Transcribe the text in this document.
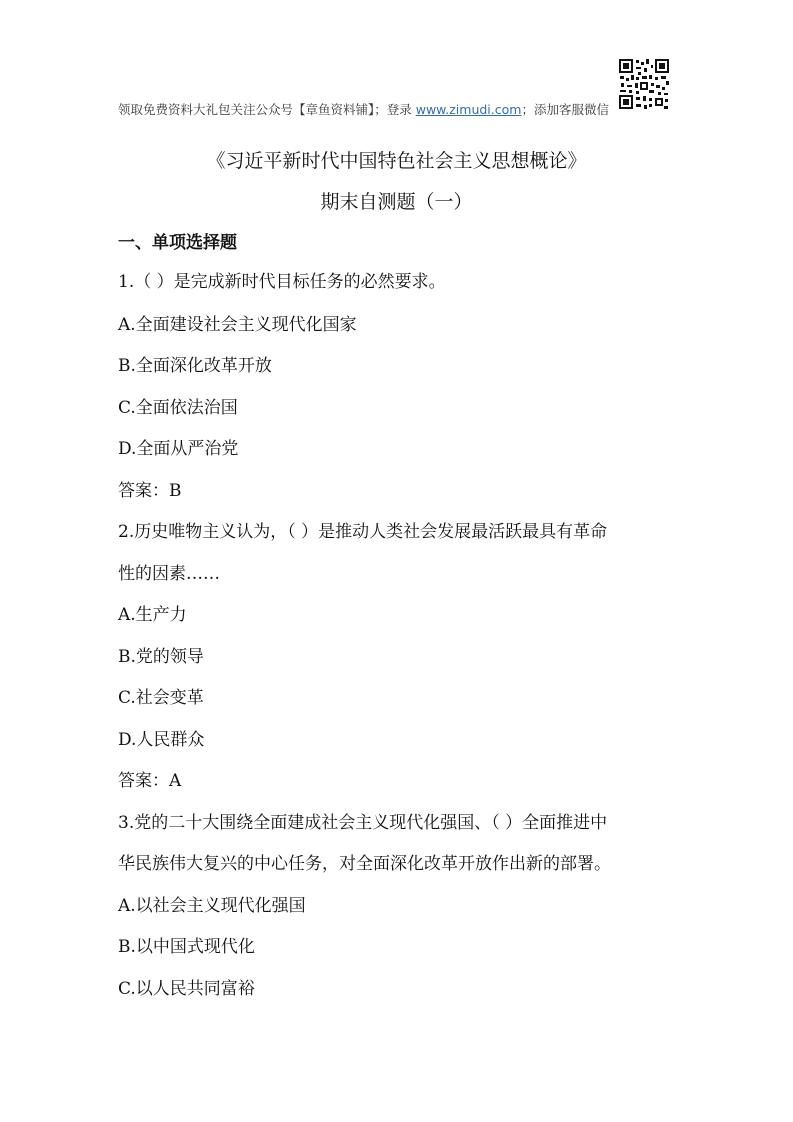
领取免费资料大礼包关注公众号【章鱼资料铺】；登录 www.zimudi.com；添加客服微信
《习近平新时代中国特色社会主义思想概论》
期末自测题（一）
一、单项选择题
1.（ ）是完成新时代目标任务的必然要求。
A.全面建设社会主义现代化国家
B.全面深化改革开放
C.全面依法治国
D.全面从严治党
答案：B
2.历史唯物主义认为，（ ）是推动人类社会发展最活跃最具有革命
性的因素……
A.生产力
B.党的领导
C.社会变革
D.人民群众
答案：A
3.党的二十大围绕全面建成社会主义现代化强国、（ ）全面推进中
华民族伟大复兴的中心任务，对全面深化改革开放作出新的部署。
A.以社会主义现代化强国
B.以中国式现代化
C.以人民共同富裕
